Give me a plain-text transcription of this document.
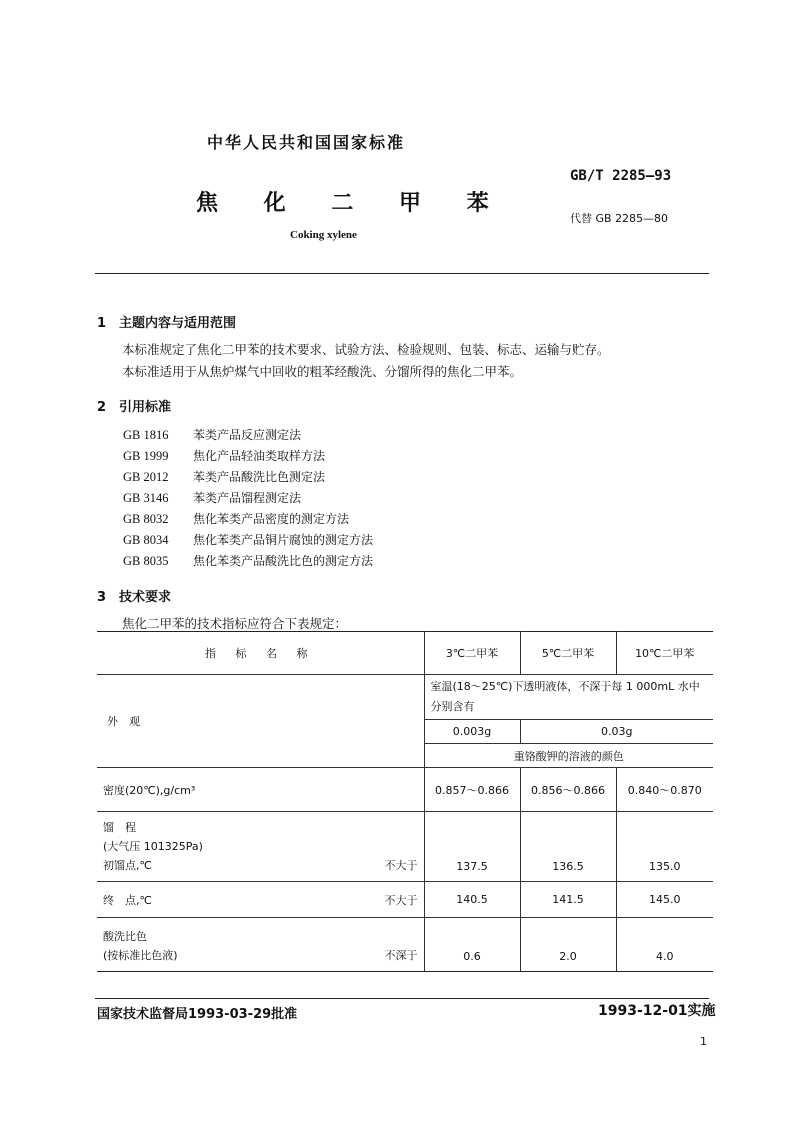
中华人民共和国国家标准
GB/T 2285—93
焦 化 二 甲 苯
代替 GB 2285—80
Coking xylene
1 主题内容与适用范围
本标准规定了焦化二甲苯的技术要求、试验方法、检验规则、包装、标志、运输与贮存。
本标准适用于从焦炉煤气中回收的粗苯经酸洗、分馏所得的焦化二甲苯。
2 引用标准
GB 1816 苯类产品反应测定法
GB 1999 焦化产品轻油类取样方法
GB 2012 苯类产品酸洗比色测定法
GB 3146 苯类产品馏程测定法
GB 8032 焦化苯类产品密度的测定方法
GB 8034 焦化苯类产品铜片腐蚀的测定方法
GB 8035 焦化苯类产品酸洗比色的测定方法
3 技术要求
焦化二甲苯的技术指标应符合下表规定：
指 标 名 称	3℃二甲苯	5℃二甲苯	10℃二甲苯
外　观	室温(18～25℃)下透明液体，不深于每 1 000mL 水中分别含有		
	0.003g	0.03g	
	重铬酸钾的溶液的颜色		
密度(20℃),g/cm³	0.857～0.866	0.856～0.866	0.840～0.870

馏　程
(大气压 101325Pa)
初馏点,℃ 不大于	137.5	136.5	135.0
终　点,℃ 不大于	140.5	141.5	145.0

酸洗比色
(按标准比色液) 不深于	0.6	2.0	4.0
国家技术监督局1993-03-29批准	1993-12-01实施
1
